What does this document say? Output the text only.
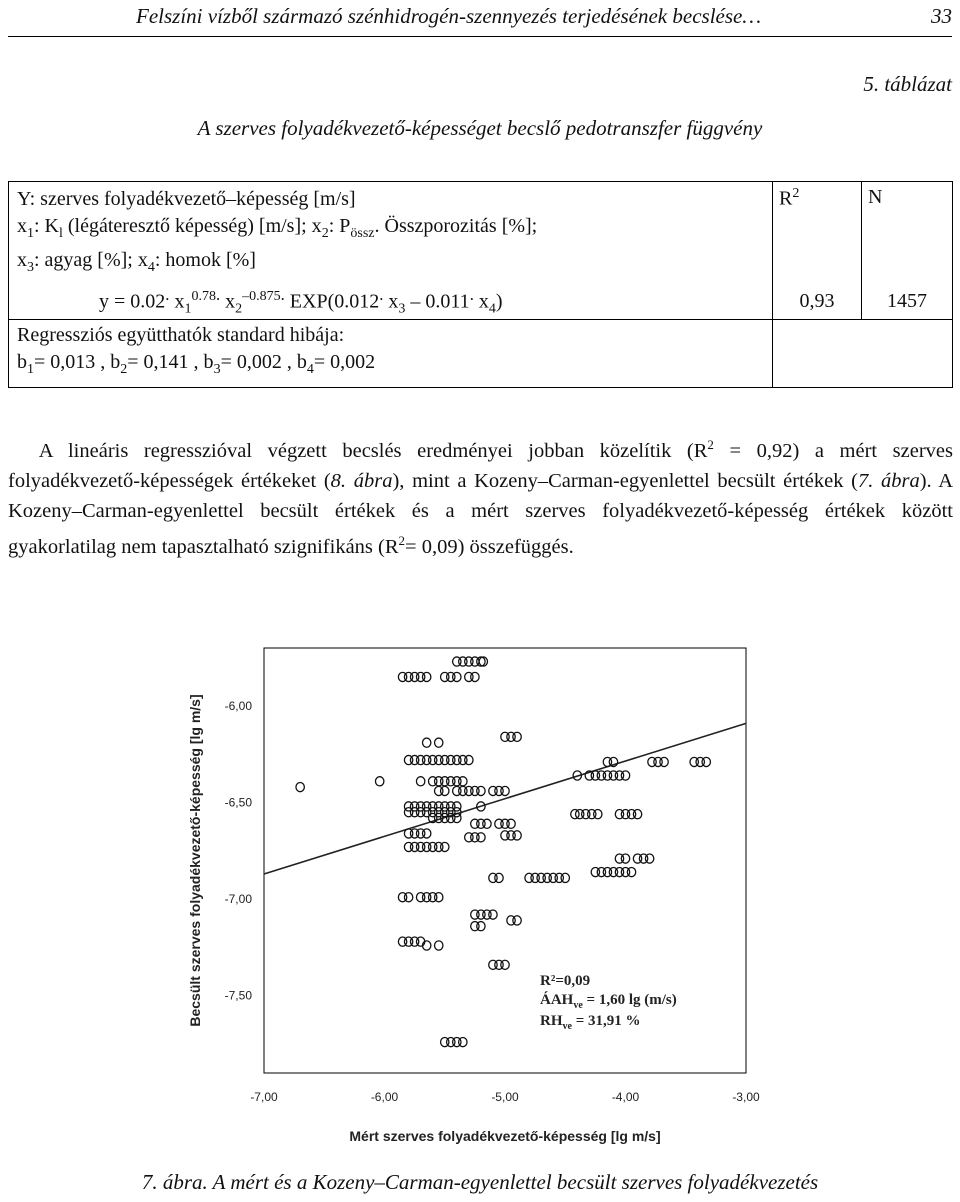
Felszíni vízből származó szénhidrogén-szennyezés terjedésének becslése…	33
5. táblázat
A szerves folyadékvezető-képességet becslő pedotranszfer függvény
Y: szerves folyadékvezető–képesség [m/s]
$x_1$: $K_l$ (légáteresztő képesség) [m/s]; $x_2$: $P_{össz}$. Összporozitás [%];
$x_3$: agyag [%]; $x_4$: homok [%]	$R^2$	N
y = 0.02. $x_1^{0.78.}$ $x_2^{-0.875.}$ EXP(0.012. $x_3 - 0.011^.$ $x_4$)	0,93	1457

Regressziós együtthatók standard hibája:
$b_1= 0,013$ , $b_2= 0,141$ , $b_3= 0,002$ , $b_4= 0,002$		

  A lineáris regresszióval végzett becslés eredményei jobban közelítik $(R^2 = 0,92)$ a mért szerves folyadékvezető-képességek értékeket (8. ábra), mint a Kozeny–Carman-egyenlettel becsült értékek (7. ábra). A Kozeny–Carman-egyenlettel becsült értékek és a mért szerves folyadékvezető-képesség értékek között gyakorlatilag nem tapasztalható szignifikáns $(R^2= 0,09)$ összefüggés.
-7,00	-6,00	-5,00	-4,00	-3,00
-6,00
-6,50
-7,00
-7,50
Becsült szerves folyadékvezető-képesség [lg m/s]
Mért szerves folyadékvezető-képesség [lg m/s]
R²=0,09
$ÁAH_{ve} = 1,60$ lg (m/s)
$RH_{ve} = 31,91$ %
7. ábra. A mért és a Kozeny–Carman-egyenlettel becsült szerves folyadékvezetés
